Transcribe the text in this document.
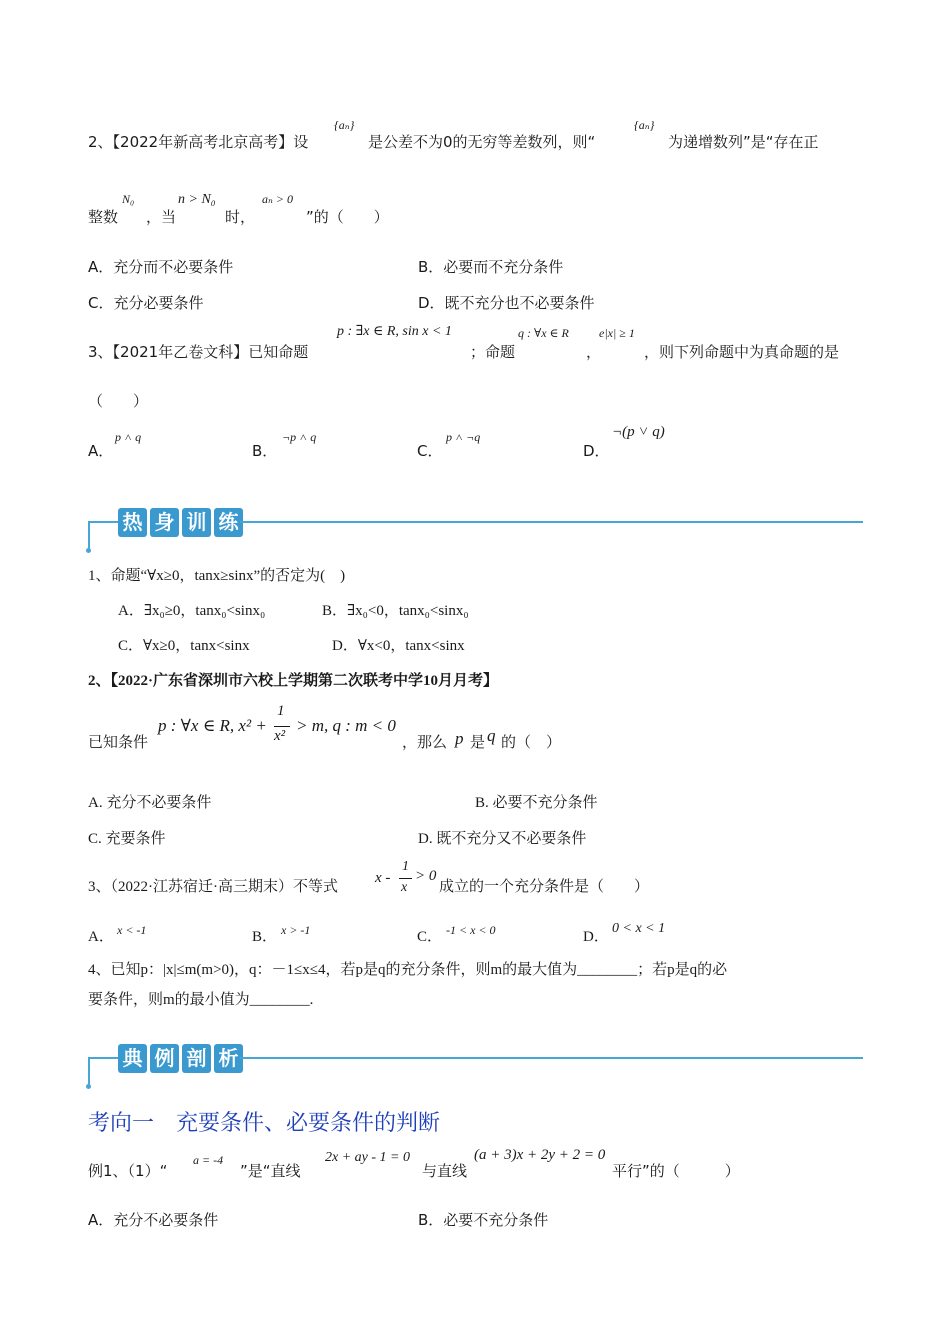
2、【2022年新高考北京高考】设
{aₙ}
是公差不为0的无穷等差数列，则“
{aₙ}
为递增数列”是“存在正
整数
N₀
，当
n > N₀
时，
aₙ > 0
”的（　　）
A．充分而不必要条件	B．必要而不充分条件
C．充分必要条件	D．既不充分也不必要条件
3、【2021年乙卷文科】已知命题
p : ∃x ∈ R, sin x < 1
；命题
q : ∀x ∈ R
，
e|x| ≥ 1
，则下列命题中为真命题的是
（　　）
A．
p ˄ q
B．
¬p ˄ q
C．
p ˄ ¬q
D．
¬(p ˅ q)
热 身 训 练
1、命题“∀x≥0，tanx≥sinx”的否定为(　)
A．∃x₀≥0，tanx₀<sinx₀	B．∃x₀<0，tanx₀<sinx₀
C．∀x≥0，tanx<sinx	D．∀x<0，tanx<sinx
2、【2022·广东省深圳市六校上学期第二次联考中学10月月考】
已知条件
p : ∀x ∈ R, x² +
1
x²
> m, q : m < 0
，那么 p 是 q 的（　）
A. 充分不必要条件	B. 必要不充分条件
C. 充要条件	D. 既不充分又不必要条件
3、（2022·江苏宿迁·高三期末）不等式
x -
1
x
> 0
成立的一个充分条件是（　　）
A． x < -1	B． x > -1	C． -1 < x < 0	D．
0 < x < 1
4、已知p：|x|≤m(m>0)，q：－1≤x≤4，若p是q的充分条件，则m的最大值为________；若p是q的必
要条件，则m的最小值为________.
典 例 剖 析
考向一　充要条件、必要条件的判断
例1、（1）“
a = -4
”是“直线
2x + ay - 1 = 0
与直线
(a + 3)x + 2y + 2 = 0
平行”的（　　　）
A．充分不必要条件	B．必要不充分条件
